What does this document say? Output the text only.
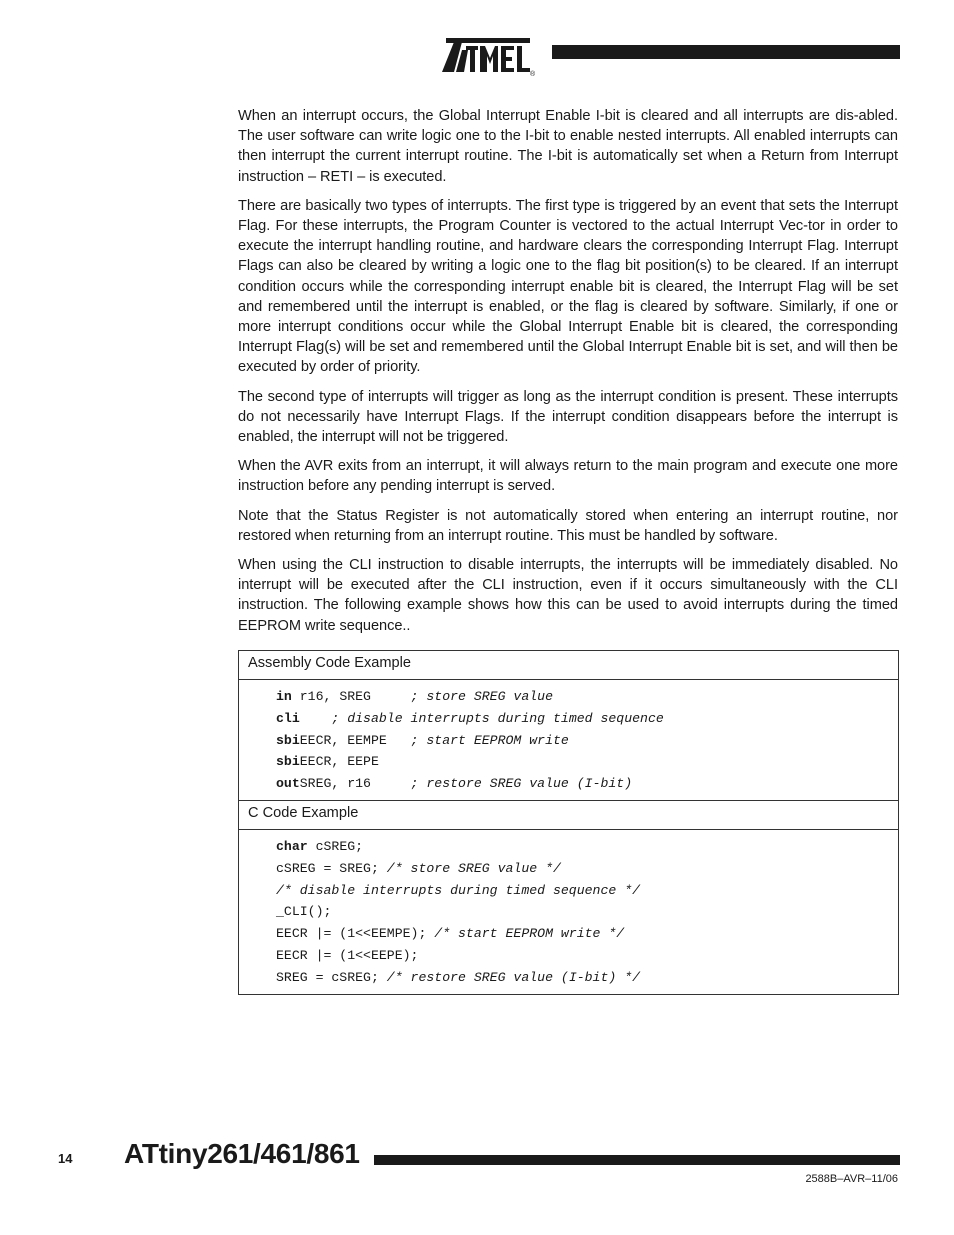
®

When an interrupt occurs, the Global Interrupt Enable I-bit is cleared and all interrupts are dis-abled. The user software can write logic one to the I-bit to enable nested interrupts. All enabled interrupts can then interrupt the current interrupt routine. The I-bit is automatically set when a Return from Interrupt instruction – RETI – is executed.

There are basically two types of interrupts. The first type is triggered by an event that sets the Interrupt Flag. For these interrupts, the Program Counter is vectored to the actual Interrupt Vec-tor in order to execute the interrupt handling routine, and hardware clears the corresponding Interrupt Flag. Interrupt Flags can also be cleared by writing a logic one to the flag bit position(s) to be cleared. If an interrupt condition occurs while the corresponding interrupt enable bit is cleared, the Interrupt Flag will be set and remembered until the interrupt is enabled, or the flag is cleared by software. Similarly, if one or more interrupt conditions occur while the Global Interrupt Enable bit is cleared, the corresponding Interrupt Flag(s) will be set and remembered until the Global Interrupt Enable bit is set, and will then be executed by order of priority.

The second type of interrupts will trigger as long as the interrupt condition is present. These interrupts do not necessarily have Interrupt Flags. If the interrupt condition disappears before the interrupt is enabled, the interrupt will not be triggered.

When the AVR exits from an interrupt, it will always return to the main program and execute one more instruction before any pending interrupt is served.

Note that the Status Register is not automatically stored when entering an interrupt routine, nor restored when returning from an interrupt routine. This must be handled by software.

When using the CLI instruction to disable interrupts, the interrupts will be immediately disabled. No interrupt will be executed after the CLI instruction, even if it occurs simultaneously with the CLI instruction. The following example shows how this can be used to avoid interrupts during the timed EEPROM write sequence..

Assembly Code Example
in r16, SREG     ; store SREG value
cli ; disable interrupts during timed sequence
sbiEECR, EEMPE   ; start EEPROM write
sbiEECR, EEPE
outSREG, r16     ; restore SREG value (I-bit)
C Code Example
char cSREG;
cSREG = SREG; /* store SREG value */
/* disable interrupts during timed sequence */
_CLI();
EECR |= (1<<EEMPE); /* start EEPROM write */
EECR |= (1<<EEPE);
SREG = cSREG; /* restore SREG value (I-bit) */
14 ATtiny261/461/861
2588B–AVR–11/06
